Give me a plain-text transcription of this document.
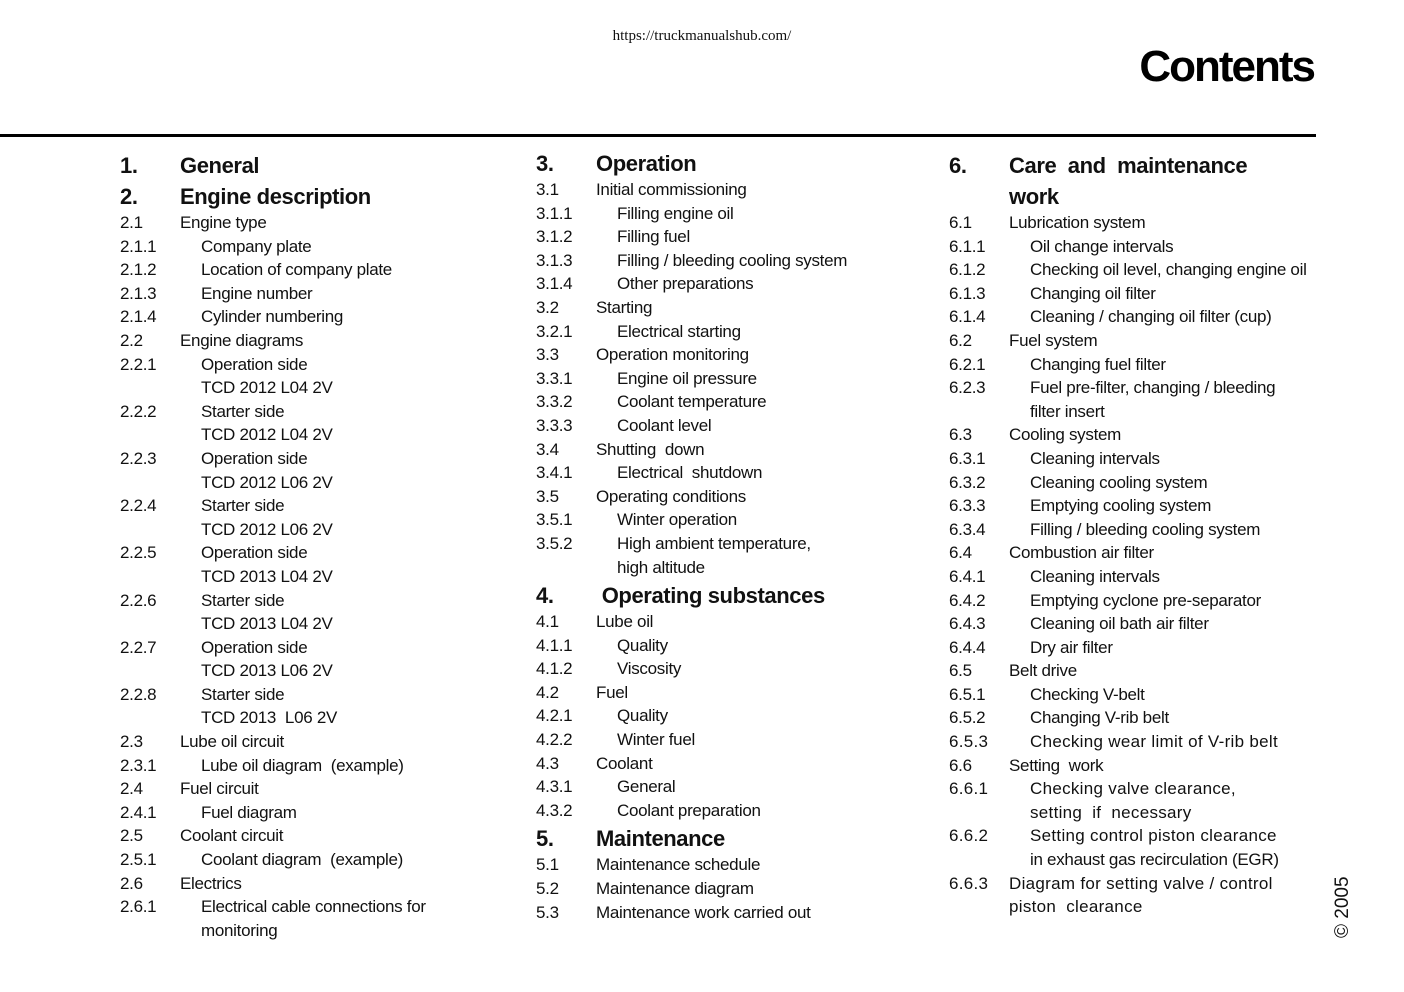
https://truckmanualshub.com/
Contents
1.	General
2.	Engine description
2.1	Engine type
2.1.1	Company plate
2.1.2	Location of company plate
2.1.3	Engine number
2.1.4	Cylinder numbering
2.2	Engine diagrams
2.2.1	Operation side
TCD 2012 L04 2V
2.2.2	Starter side
TCD 2012 L04 2V
2.2.3	Operation side
TCD 2012 L06 2V
2.2.4	Starter side
TCD 2012 L06 2V
2.2.5	Operation side
TCD 2013 L04 2V
2.2.6	Starter side
TCD 2013 L04 2V
2.2.7	Operation side
TCD 2013 L06 2V
2.2.8	Starter side
TCD 2013  L06 2V
2.3	Lube oil circuit
2.3.1	Lube oil diagram  (example)
2.4	Fuel circuit
2.4.1	Fuel diagram
2.5	Coolant circuit
2.5.1	Coolant diagram  (example)
2.6	Electrics
2.6.1	Electrical cable connections for
monitoring
3.	Operation
3.1	Initial commissioning
3.1.1	Filling engine oil
3.1.2	Filling fuel
3.1.3	Filling / bleeding cooling system
3.1.4	Other preparations
3.2	Starting
3.2.1	Electrical starting
3.3	Operation monitoring
3.3.1	Engine oil pressure
3.3.2	Coolant temperature
3.3.3	Coolant level
3.4	Shutting  down
3.4.1	Electrical  shutdown
3.5	Operating conditions
3.5.1	Winter operation
3.5.2	High ambient temperature,
high altitude
4.	Operating substances
4.1	Lube oil
4.1.1	Quality
4.1.2	Viscosity
4.2	Fuel
4.2.1	Quality
4.2.2	Winter fuel
4.3	Coolant
4.3.1	General
4.3.2	Coolant preparation
5.	Maintenance
5.1	Maintenance schedule
5.2	Maintenance diagram
5.3	Maintenance work carried out
6.	Care  and  maintenance
work
6.1	Lubrication system
6.1.1	Oil change intervals
6.1.2	Checking oil level, changing engine oil
6.1.3	Changing oil filter
6.1.4	Cleaning / changing oil filter (cup)
6.2	Fuel system
6.2.1	Changing fuel filter
6.2.3	Fuel pre-filter, changing / bleeding
filter insert
6.3	Cooling system
6.3.1	Cleaning intervals
6.3.2	Cleaning cooling system
6.3.3	Emptying cooling system
6.3.4	Filling / bleeding cooling system
6.4	Combustion air filter
6.4.1	Cleaning intervals
6.4.2	Emptying cyclone pre-separator
6.4.3	Cleaning oil bath air filter
6.4.4	Dry air filter
6.5	Belt drive
6.5.1	Checking V-belt
6.5.2	Changing V-rib belt
6.5.3	Checking wear limit of V-rib belt
6.6	Setting  work
6.6.1	Checking valve clearance,
setting  if  necessary
6.6.2	Setting control piston clearance
in exhaust gas recirculation (EGR)
6.6.3	Diagram for setting valve / control
piston  clearance	© 2005
